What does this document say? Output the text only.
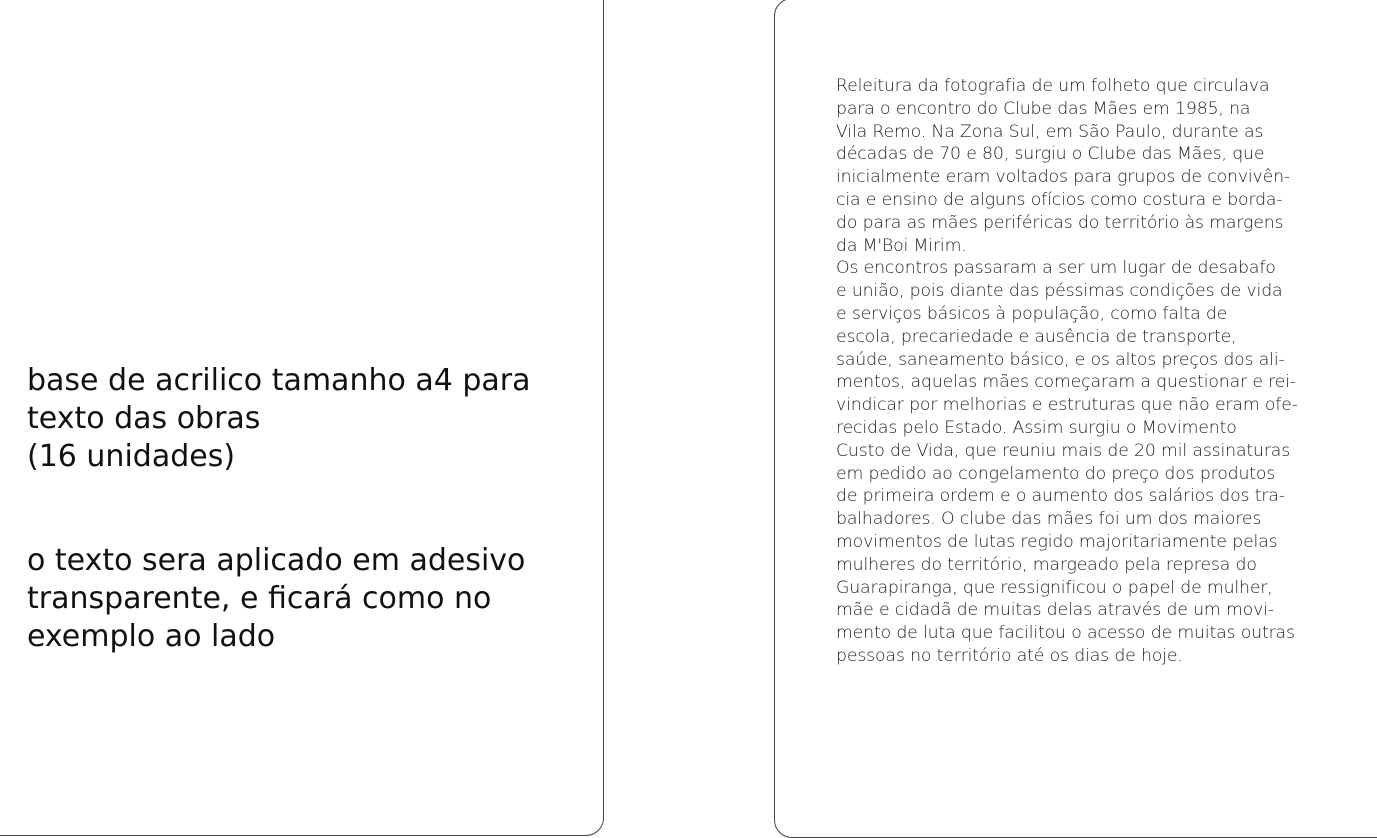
base de acrilico tamanho a4 para
texto das obras
(16 unidades)

o texto sera aplicado em adesivo
transparente, e ficará como no
exemplo ao lado

Releitura da fotografia de um folheto que circulava
para o encontro do Clube das Mães em 1985, na
Vila Remo. Na Zona Sul, em São Paulo, durante as
décadas de 70 e 80, surgiu o Clube das Mães, que
inicialmente eram voltados para grupos de convivên-
cia e ensino de alguns ofícios como costura e borda-
do para as mães periféricas do território às margens
da M'Boi Mirim.
Os encontros passaram a ser um lugar de desabafo
e união, pois diante das péssimas condições de vida
e serviços básicos à população, como falta de
escola, precariedade e ausência de transporte,
saúde, saneamento básico, e os altos preços dos ali-
mentos, aquelas mães começaram a questionar e rei-
vindicar por melhorias e estruturas que não eram ofe-
recidas pelo Estado. Assim surgiu o Movimento
Custo de Vida, que reuniu mais de 20 mil assinaturas
em pedido ao congelamento do preço dos produtos
de primeira ordem e o aumento dos salários dos tra-
balhadores. O clube das mães foi um dos maiores
movimentos de lutas regido majoritariamente pelas
mulheres do território, margeado pela represa do
Guarapiranga, que ressignificou o papel de mulher,
mãe e cidadã de muitas delas através de um movi-
mento de luta que facilitou o acesso de muitas outras
pessoas no território até os dias de hoje.
